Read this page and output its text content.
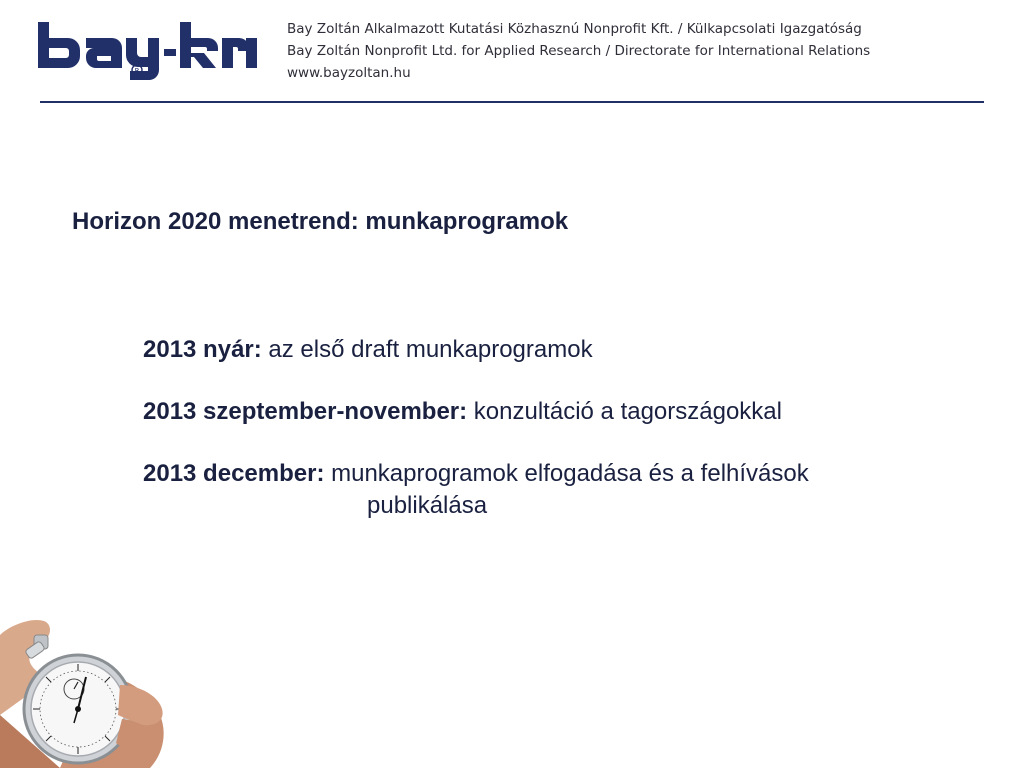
R
Bay Zoltán Alkalmazott Kutatási Közhasznú Nonprofit Kft. / Külkapcsolati Igazgatóság
Bay Zoltán Nonprofit Ltd. for Applied Research / Directorate for International Relations
www.bayzoltan.hu
Horizon 2020 menetrend: munkaprogramok
2013 nyár: az első draft munkaprogramok
2013 szeptember-november: konzultáció a tagországokkal
2013 december: munkaprogramok elfogadása és a felhívások
publikálása
